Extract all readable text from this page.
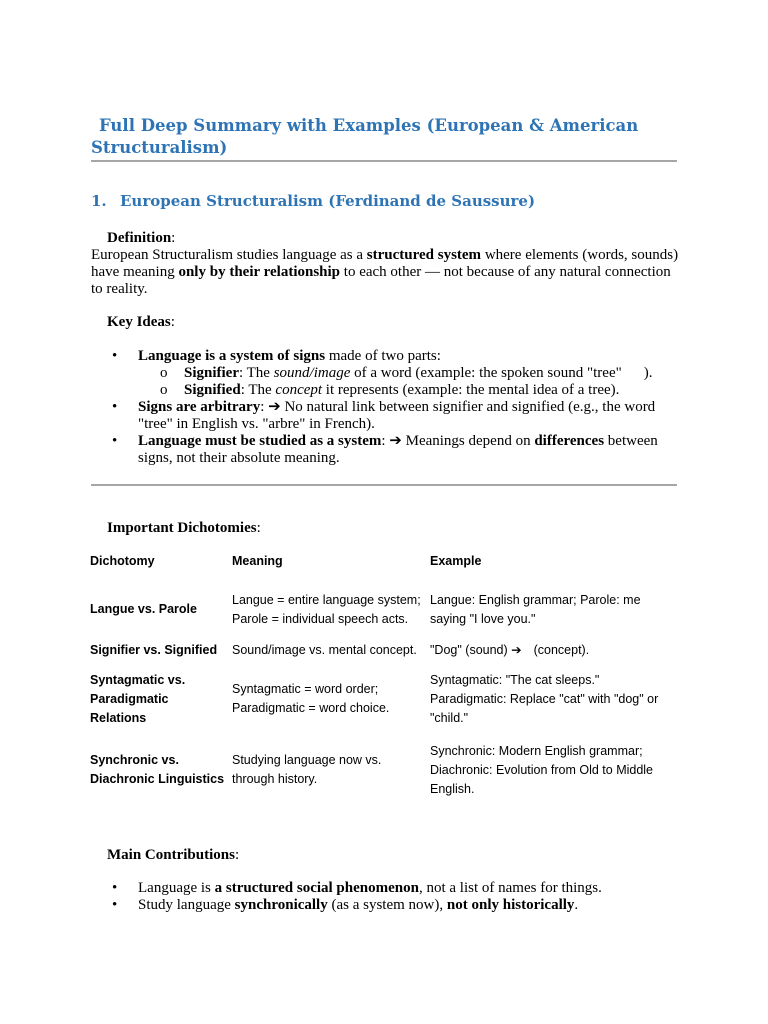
Full Deep Summary with Examples (European & American Structuralism)
1. European Structuralism (Ferdinand de Saussure)
Definition:
European Structuralism studies language as a structured system where elements (words, sounds) have meaning only by their relationship to each other — not because of any natural connection to reality.
Key Ideas:
• Language is a system of signs made of two parts:
o Signifier: The sound/image of a word (example: the spoken sound "tree" ).
o Signified: The concept it represents (example: the mental idea of a tree).
• Signs are arbitrary: ➔ No natural link between signifier and signified (e.g., the word "tree" in English vs. "arbre" in French).
• Language must be studied as a system: ➔ Meanings depend on differences between signs, not their absolute meaning.
Important Dichotomies:
Dichotomy	Meaning	Example
Langue vs. Parole	Langue = entire language system; Parole = individual speech acts.	Langue: English grammar; Parole: me saying "I love you."
Signifier vs. Signified	Sound/image vs. mental concept.	"Dog" (sound) ➔ (concept).
Syntagmatic vs. Paradigmatic Relations	Syntagmatic = word order; Paradigmatic = word choice.	Syntagmatic: "The cat sleeps." Paradigmatic: Replace "cat" with "dog" or "child."
Synchronic vs. Diachronic Linguistics	Studying language now vs. through history.	Synchronic: Modern English grammar; Diachronic: Evolution from Old to Middle English.
Main Contributions:
• Language is a structured social phenomenon, not a list of names for things.
• Study language synchronically (as a system now), not only historically.
